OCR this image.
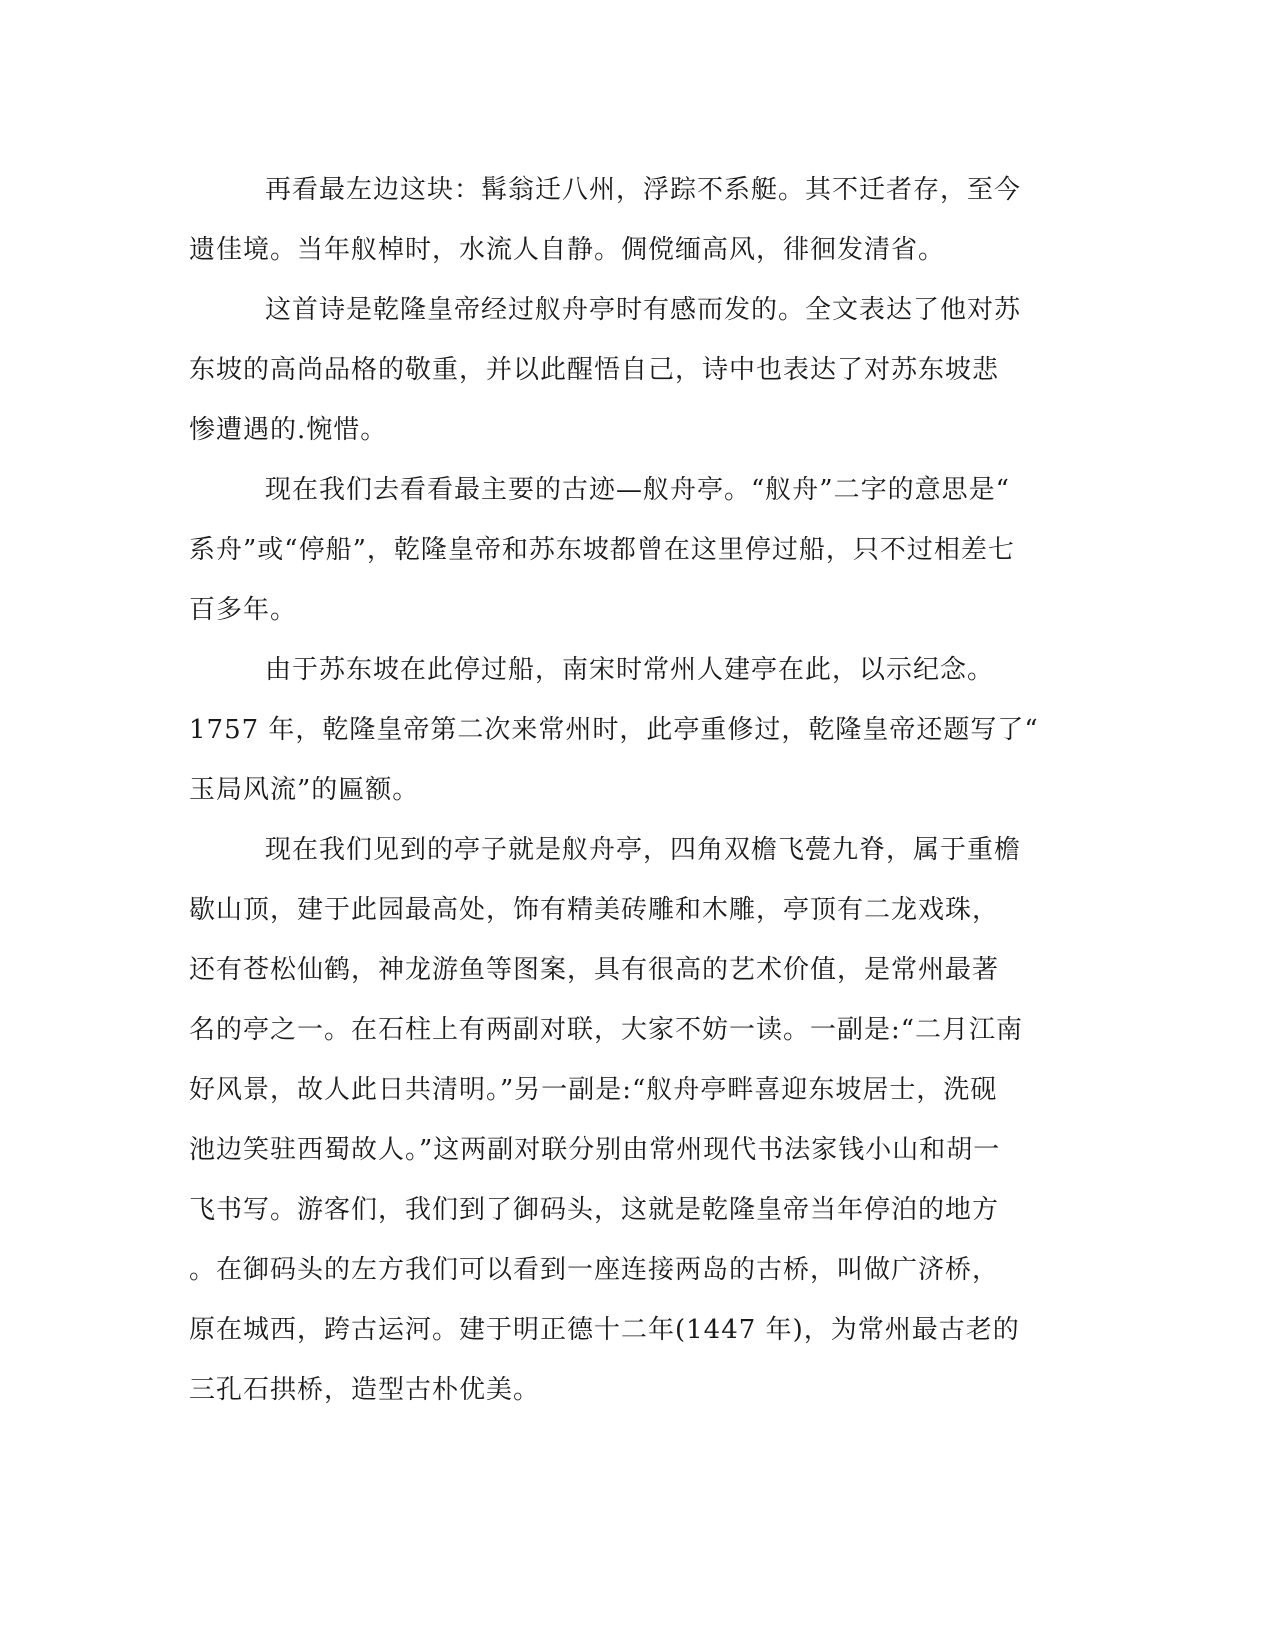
再看最左边这块：髯翁迁八州，浮踪不系艇。其不迁者存，至今
遗佳境。当年舣棹时，水流人自静。倜傥缅高风，徘徊发清省。
这首诗是乾隆皇帝经过舣舟亭时有感而发的。全文表达了他对苏
东坡的高尚品格的敬重，并以此醒悟自己，诗中也表达了对苏东坡悲
惨遭遇的.惋惜。
现在我们去看看最主要的古迹—舣舟亭。“舣舟”二字的意思是“
系舟”或“停船”，乾隆皇帝和苏东坡都曾在这里停过船，只不过相差七
百多年。
由于苏东坡在此停过船，南宋时常州人建亭在此，以示纪念。
1757 年，乾隆皇帝第二次来常州时，此亭重修过，乾隆皇帝还题写了“
玉局风流”的匾额。
现在我们见到的亭子就是舣舟亭，四角双檐飞甍九脊，属于重檐
歇山顶，建于此园最高处，饰有精美砖雕和木雕，亭顶有二龙戏珠，
还有苍松仙鹤，神龙游鱼等图案，具有很高的艺术价值，是常州最著
名的亭之一。在石柱上有两副对联，大家不妨一读。一副是:“二月江南
好风景，故人此日共清明。”另一副是:“舣舟亭畔喜迎东坡居士，洗砚
池边笑驻西蜀故人。”这两副对联分别由常州现代书法家钱小山和胡一
飞书写。游客们，我们到了御码头，这就是乾隆皇帝当年停泊的地方
。在御码头的左方我们可以看到一座连接两岛的古桥，叫做广济桥，
原在城西，跨古运河。建于明正德十二年(1447 年)，为常州最古老的
三孔石拱桥，造型古朴优美。
